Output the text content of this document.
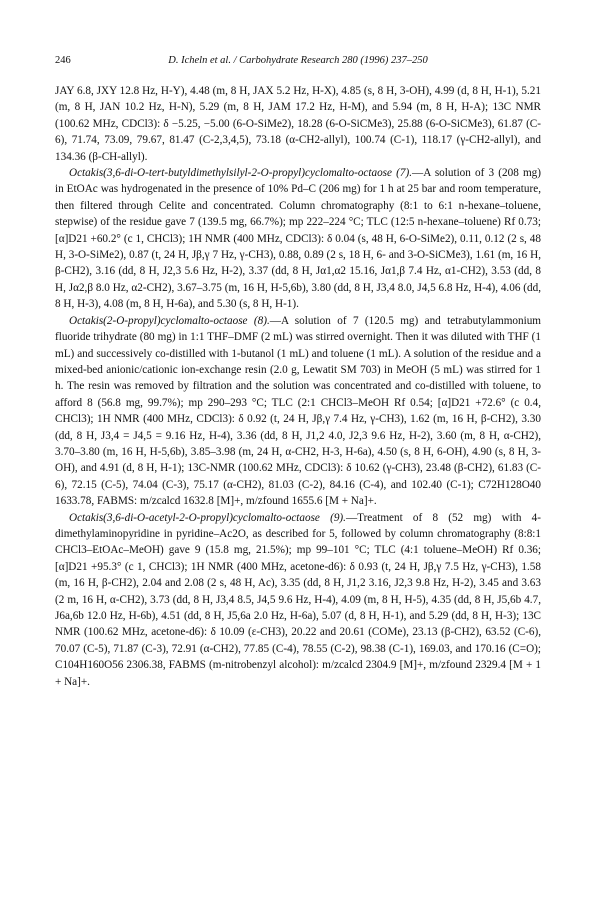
246	D. Icheln et al. / Carbohydrate Research 280 (1996) 237–250

JAY 6.8, JXY 12.8 Hz, H-Y), 4.48 (m, 8 H, JAX 5.2 Hz, H-X), 4.85 (s, 8 H, 3-OH), 4.99 (d, 8 H, H-1), 5.21 (m, 8 H, JAN 10.2 Hz, H-N), 5.29 (m, 8 H, JAM 17.2 Hz, H-M), and 5.94 (m, 8 H, H-A); 13C NMR (100.62 MHz, CDCl3): δ −5.25, −5.00 (6-O-SiMe2), 18.28 (6-O-SiCMe3), 25.88 (6-O-SiCMe3), 61.87 (C-6), 71.74, 73.09, 79.67, 81.47 (C-2,3,4,5), 73.18 (α-CH2-allyl), 100.74 (C-1), 118.17 (γ-CH2-allyl), and 134.36 (β-CH-allyl).

Octakis(3,6-di-O-tert-butyldimethylsilyl-2-O-propyl)cyclomalto-octaose (7).—A solution of 3 (208 mg) in EtOAc was hydrogenated in the presence of 10% Pd–C (206 mg) for 1 h at 25 bar and room temperature, then filtered through Celite and concentrated. Column chromatography (8:1 to 6:1 n-hexane–toluene, stepwise) of the residue gave 7 (139.5 mg, 66.7%); mp 222–224 °C; TLC (12:5 n-hexane–toluene) Rf 0.73; [α]D21 +60.2° (c 1, CHCl3); 1H NMR (400 MHz, CDCl3): δ 0.04 (s, 48 H, 6-O-SiMe2), 0.11, 0.12 (2 s, 48 H, 3-O-SiMe2), 0.87 (t, 24 H, Jβ,γ 7 Hz, γ-CH3), 0.88, 0.89 (2 s, 18 H, 6- and 3-O-SiCMe3), 1.61 (m, 16 H, β-CH2), 3.16 (dd, 8 H, J2,3 5.6 Hz, H-2), 3.37 (dd, 8 H, Jα1,α2 15.16, Jα1,β 7.4 Hz, α1-CH2), 3.53 (dd, 8 H, Jα2,β 8.0 Hz, α2-CH2), 3.67–3.75 (m, 16 H, H-5,6b), 3.80 (dd, 8 H, J3,4 8.0, J4,5 6.8 Hz, H-4), 4.06 (dd, 8 H, H-3), 4.08 (m, 8 H, H-6a), and 5.30 (s, 8 H, H-1).

Octakis(2-O-propyl)cyclomalto-octaose (8).—A solution of 7 (120.5 mg) and tetrabutylammonium fluoride trihydrate (80 mg) in 1:1 THF–DMF (2 mL) was stirred overnight. Then it was diluted with THF (1 mL) and successively co-distilled with 1-butanol (1 mL) and toluene (1 mL). A solution of the residue and a mixed-bed anionic/cationic ion-exchange resin (2.0 g, Lewatit SM 703) in MeOH (5 mL) was stirred for 1 h. The resin was removed by filtration and the solution was concentrated and co-distilled with toluene, to afford 8 (56.8 mg, 99.7%); mp 290–293 °C; TLC (2:1 CHCl3–MeOH Rf 0.54; [α]D21 +72.6° (c 0.4, CHCl3); 1H NMR (400 MHz, CDCl3): δ 0.92 (t, 24 H, Jβ,γ 7.4 Hz, γ-CH3), 1.62 (m, 16 H, β-CH2), 3.30 (dd, 8 H, J3,4 = J4,5 = 9.16 Hz, H-4), 3.36 (dd, 8 H, J1,2 4.0, J2,3 9.6 Hz, H-2), 3.60 (m, 8 H, α-CH2), 3.70–3.80 (m, 16 H, H-5,6b), 3.85–3.98 (m, 24 H, α-CH2, H-3, H-6a), 4.50 (s, 8 H, 6-OH), 4.90 (s, 8 H, 3-OH), and 4.91 (d, 8 H, H-1); 13C-NMR (100.62 MHz, CDCl3): δ 10.62 (γ-CH3), 23.48 (β-CH2), 61.83 (C-6), 72.15 (C-5), 74.04 (C-3), 75.17 (α-CH2), 81.03 (C-2), 84.16 (C-4), and 102.40 (C-1); C72H128O40 1633.78, FABMS: m/zcalcd 1632.8 [M]+, m/zfound 1655.6 [M + Na]+.

Octakis(3,6-di-O-acetyl-2-O-propyl)cyclomalto-octaose (9).—Treatment of 8 (52 mg) with 4-dimethylaminopyridine in pyridine–Ac2O, as described for 5, followed by column chromatography (8:8:1 CHCl3–EtOAc–MeOH) gave 9 (15.8 mg, 21.5%); mp 99–101 °C; TLC (4:1 toluene–MeOH) Rf 0.36; [α]D21 +95.3° (c 1, CHCl3); 1H NMR (400 MHz, acetone-d6): δ 0.93 (t, 24 H, Jβ,γ 7.5 Hz, γ-CH3), 1.58 (m, 16 H, β-CH2), 2.04 and 2.08 (2 s, 48 H, Ac), 3.35 (dd, 8 H, J1,2 3.16, J2,3 9.8 Hz, H-2), 3.45 and 3.63 (2 m, 16 H, α-CH2), 3.73 (dd, 8 H, J3,4 8.5, J4,5 9.6 Hz, H-4), 4.09 (m, 8 H, H-5), 4.35 (dd, 8 H, J5,6b 4.7, J6a,6b 12.0 Hz, H-6b), 4.51 (dd, 8 H, J5,6a 2.0 Hz, H-6a), 5.07 (d, 8 H, H-1), and 5.29 (dd, 8 H, H-3); 13C NMR (100.62 MHz, acetone-d6): δ 10.09 (ε-CH3), 20.22 and 20.61 (COMe), 23.13 (β-CH2), 63.52 (C-6), 70.07 (C-5), 71.87 (C-3), 72.91 (α-CH2), 77.85 (C-4), 78.55 (C-2), 98.38 (C-1), 169.03, and 170.16 (C=O); C104H160O56 2306.38, FABMS (m-nitrobenzyl alcohol): m/zcalcd 2304.9 [M]+, m/zfound 2329.4 [M + 1 + Na]+.
